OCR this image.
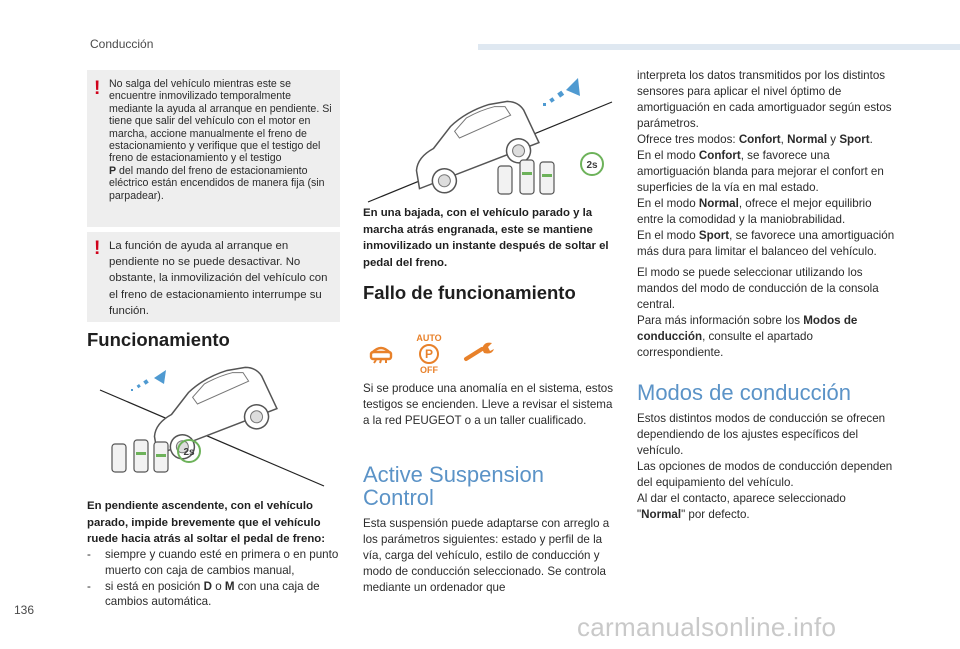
Conducción
! No salga del vehículo mientras este se encuentre inmovilizado temporalmente mediante la ayuda al arranque en pendiente. Si tiene que salir del vehículo con el motor en marcha, accione manualmente el freno de estacionamiento y verifique que el testigo del freno de estacionamiento y el testigo
P del mando del freno de estacionamiento eléctrico están encendidos de manera fija (sin parpadear).
! La función de ayuda al arranque en pendiente no se puede desactivar. No obstante, la inmovilización del vehículo con el freno de estacionamiento interrumpe su función.
Funcionamiento
2s
En pendiente ascendente, con el vehículo parado, impide brevemente que el vehículo ruede hacia atrás al soltar el pedal de freno:
- siempre y cuando esté en primera o en punto muerto con caja de cambios manual,
- si está en posición D o M con una caja de cambios automática.
2s
En una bajada, con el vehículo parado y la marcha atrás engranada, este se mantiene inmovilizado un instante después de soltar el pedal del freno.
Fallo de funcionamiento
AUTO
P
OFF
Si se produce una anomalía en el sistema, estos testigos se encienden. Lleve a revisar el sistema a la red PEUGEOT o a un taller cualificado.
Active Suspension
Control
Esta suspensión puede adaptarse con arreglo a los parámetros siguientes: estado y perfil de la vía, carga del vehículo, estilo de conducción y modo de conducción seleccionado. Se controla mediante un ordenador que
interpreta los datos transmitidos por los distintos sensores para aplicar el nivel óptimo de amortiguación en cada amortiguador según estos parámetros.
Ofrece tres modos: Confort, Normal y Sport.
En el modo Confort, se favorece una amortiguación blanda para mejorar el confort en superficies de la vía en mal estado.
En el modo Normal, ofrece el mejor equilibrio entre la comodidad y la maniobrabilidad.
En el modo Sport, se favorece una amortiguación más dura para limitar el balanceo del vehículo.
El modo se puede seleccionar utilizando los mandos del modo de conducción de la consola central.
Para más información sobre los Modos de conducción, consulte el apartado correspondiente.
Modos de conducción
Estos distintos modos de conducción se ofrecen dependiendo de los ajustes específicos del vehículo.
Las opciones de modos de conducción dependen del equipamiento del vehículo.
Al dar el contacto, aparece seleccionado "Normal" por defecto.
136
carmanualsonline.info
